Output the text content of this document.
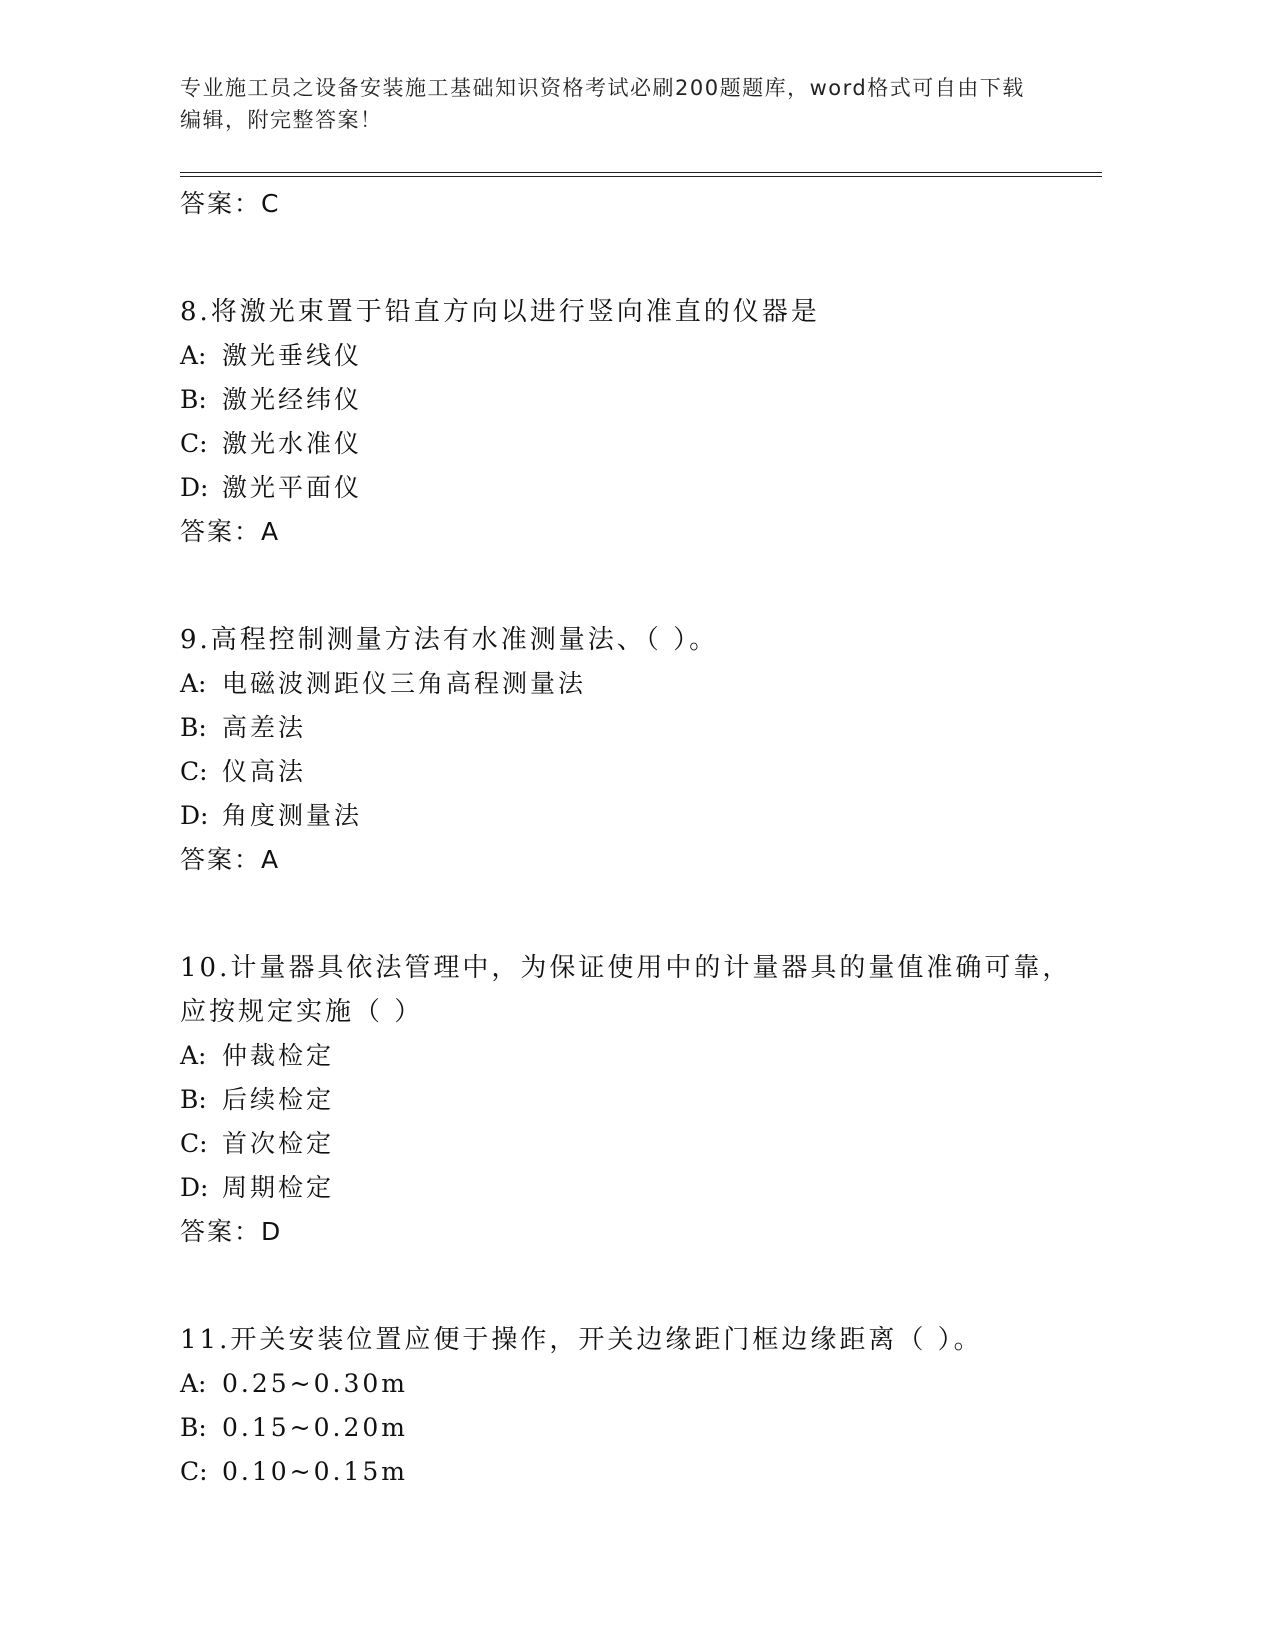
专业施工员之设备安装施工基础知识资格考试必刷200题题库，word格式可自由下载编辑，附完整答案！

答案：C

8.将激光束置于铅直方向以进行竖向准直的仪器是

A: 激光垂线仪

B: 激光经纬仪

C: 激光水准仪

D: 激光平面仪

答案：A

9.高程控制测量方法有水准测量法、（ ）。

A: 电磁波测距仪三角高程测量法

B: 高差法

C: 仪高法

D: 角度测量法

答案：A

10.计量器具依法管理中，为保证使用中的计量器具的量值准确可靠，应按规定实施（ ）

A: 仲裁检定

B: 后续检定

C: 首次检定

D: 周期检定

答案：D

11.开关安装位置应便于操作，开关边缘距门框边缘距离（ ）。

A: 0.25~0.30m

B: 0.15~0.20m

C: 0.10~0.15m
